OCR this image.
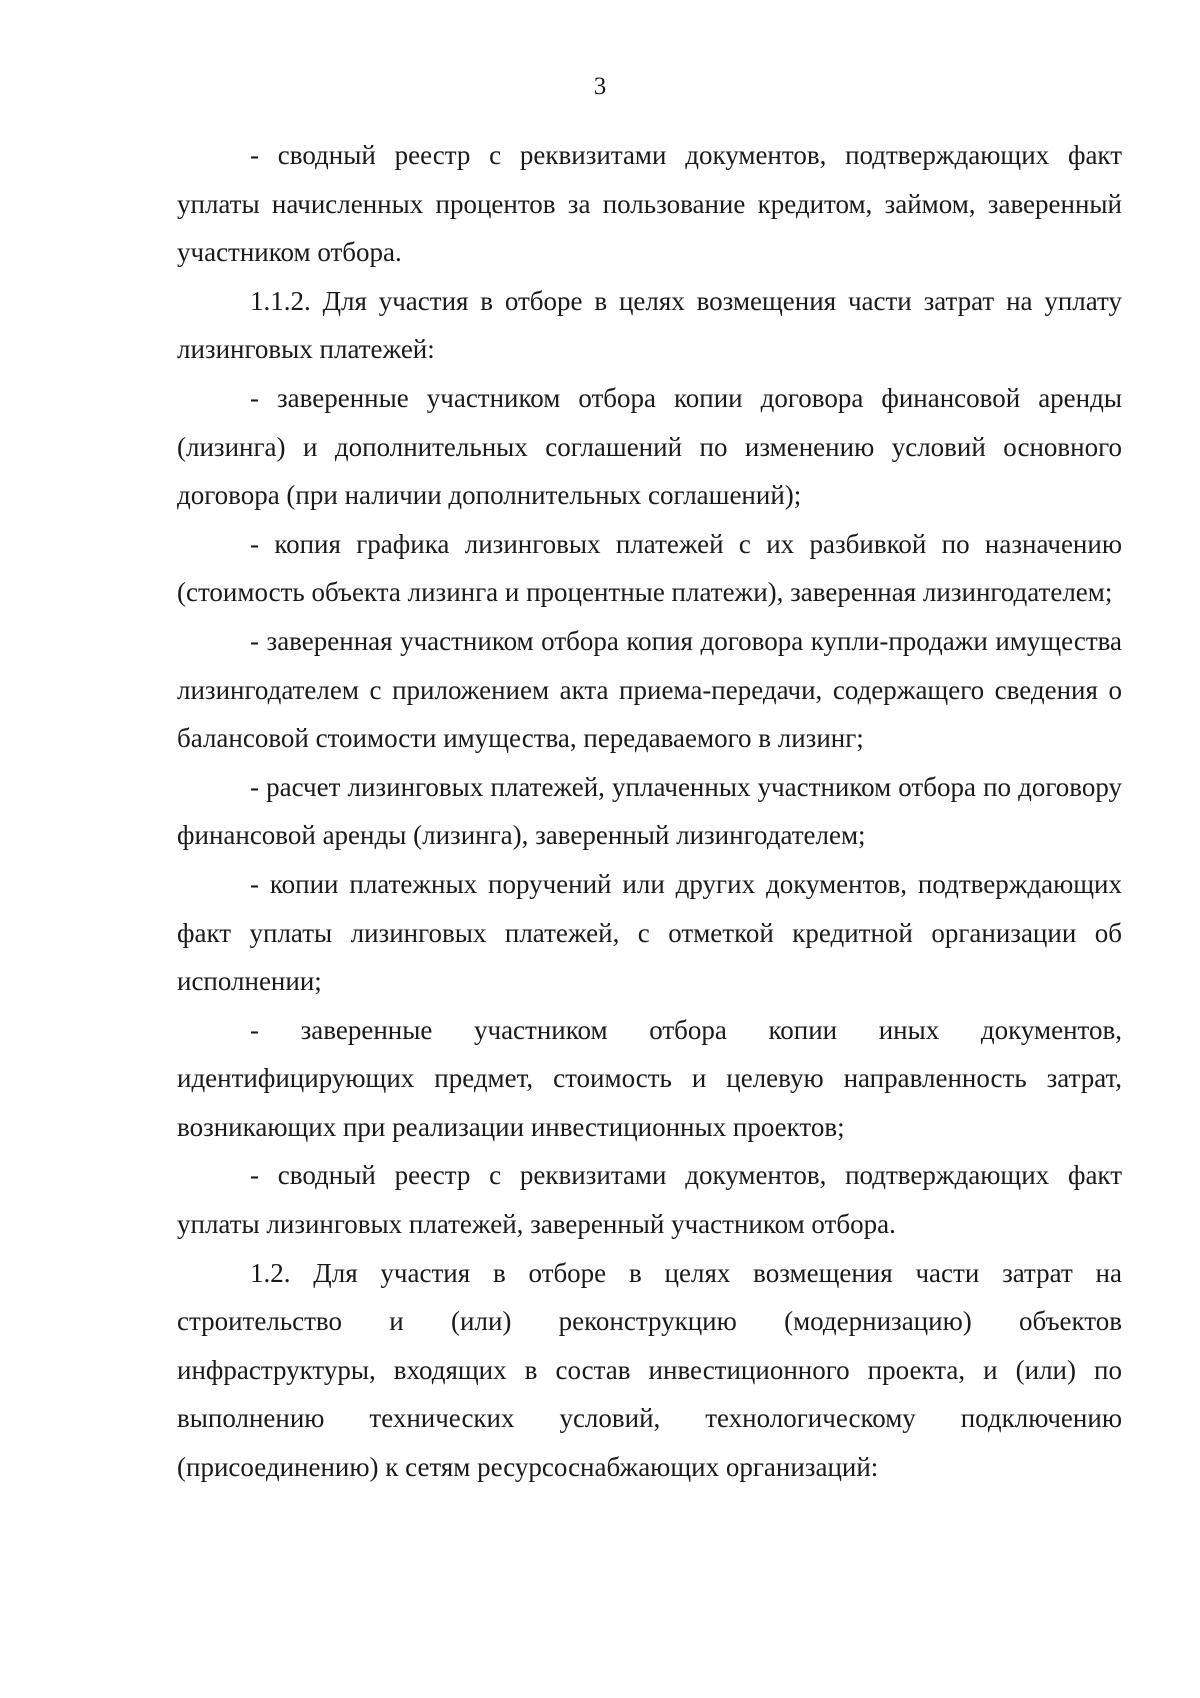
3

- сводный реестр с реквизитами документов, подтверждающих факт уплаты начисленных процентов за пользование кредитом, займом, заверенный участником отбора.

1.1.2. Для участия в отборе в целях возмещения части затрат на уплату лизинговых платежей:

- заверенные участником отбора копии договора финансовой аренды (лизинга) и дополнительных соглашений по изменению условий основного договора (при наличии дополнительных соглашений);

- копия графика лизинговых платежей с их разбивкой по назначению (стоимость объекта лизинга и процентные платежи), заверенная лизингодателем;

- заверенная участником отбора копия договора купли-продажи имущества лизингодателем с приложением акта приема-передачи, содержащего сведения о балансовой стоимости имущества, передаваемого в лизинг;

- расчет лизинговых платежей, уплаченных участником отбора по договору финансовой аренды (лизинга), заверенный лизингодателем;

- копии платежных поручений или других документов, подтверждающих факт уплаты лизинговых платежей, с отметкой кредитной организации об исполнении;

- заверенные участником отбора копии иных документов, идентифицирующих предмет, стоимость и целевую направленность затрат, возникающих при реализации инвестиционных проектов;

- сводный реестр с реквизитами документов, подтверждающих факт уплаты лизинговых платежей, заверенный участником отбора.

1.2. Для участия в отборе в целях возмещения части затрат на строительство и (или) реконструкцию (модернизацию) объектов инфраструктуры, входящих в состав инвестиционного проекта, и (или) по выполнению технических условий, технологическому подключению (присоединению) к сетям ресурсоснабжающих организаций:
